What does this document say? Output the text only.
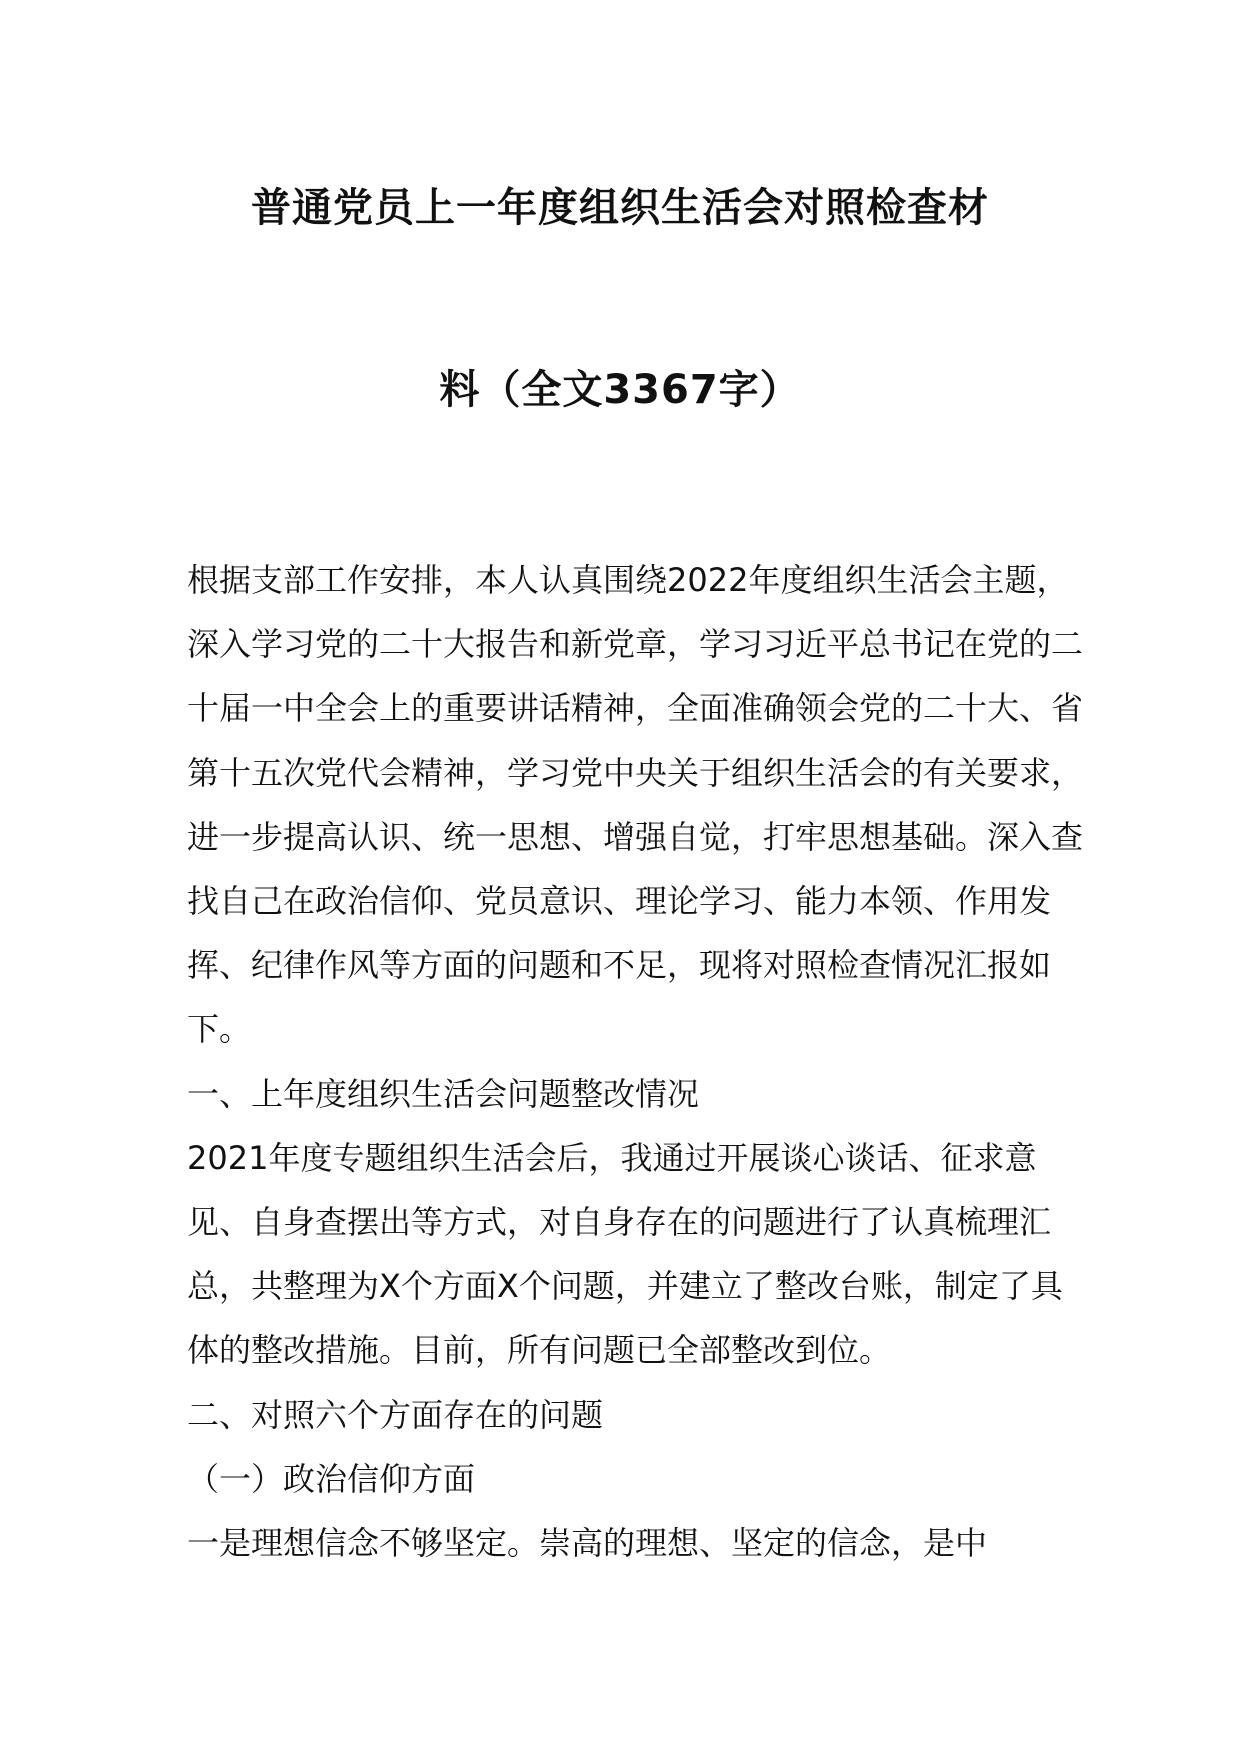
普通党员上一年度组织生活会对照检查材
料（全文3367字）

根据支部工作安排，本人认真围绕2022年度组织生活会主题，深入学习党的二十大报告和新党章，学习习近平总书记在党的二十届一中全会上的重要讲话精神，全面准确领会党的二十大、省第十五次党代会精神，学习党中央关于组织生活会的有关要求，进一步提高认识、统一思想、增强自觉，打牢思想基础。深入查找自己在政治信仰、党员意识、理论学习、能力本领、作用发挥、纪律作风等方面的问题和不足，现将对照检查情况汇报如下。

一、上年度组织生活会问题整改情况

2021年度专题组织生活会后，我通过开展谈心谈话、征求意见、自身查摆出等方式，对自身存在的问题进行了认真梳理汇总，共整理为X个方面X个问题，并建立了整改台账，制定了具体的整改措施。目前，所有问题已全部整改到位。

二、对照六个方面存在的问题

（一）政治信仰方面

一是理想信念不够坚定。崇高的理想、坚定的信念，是中
